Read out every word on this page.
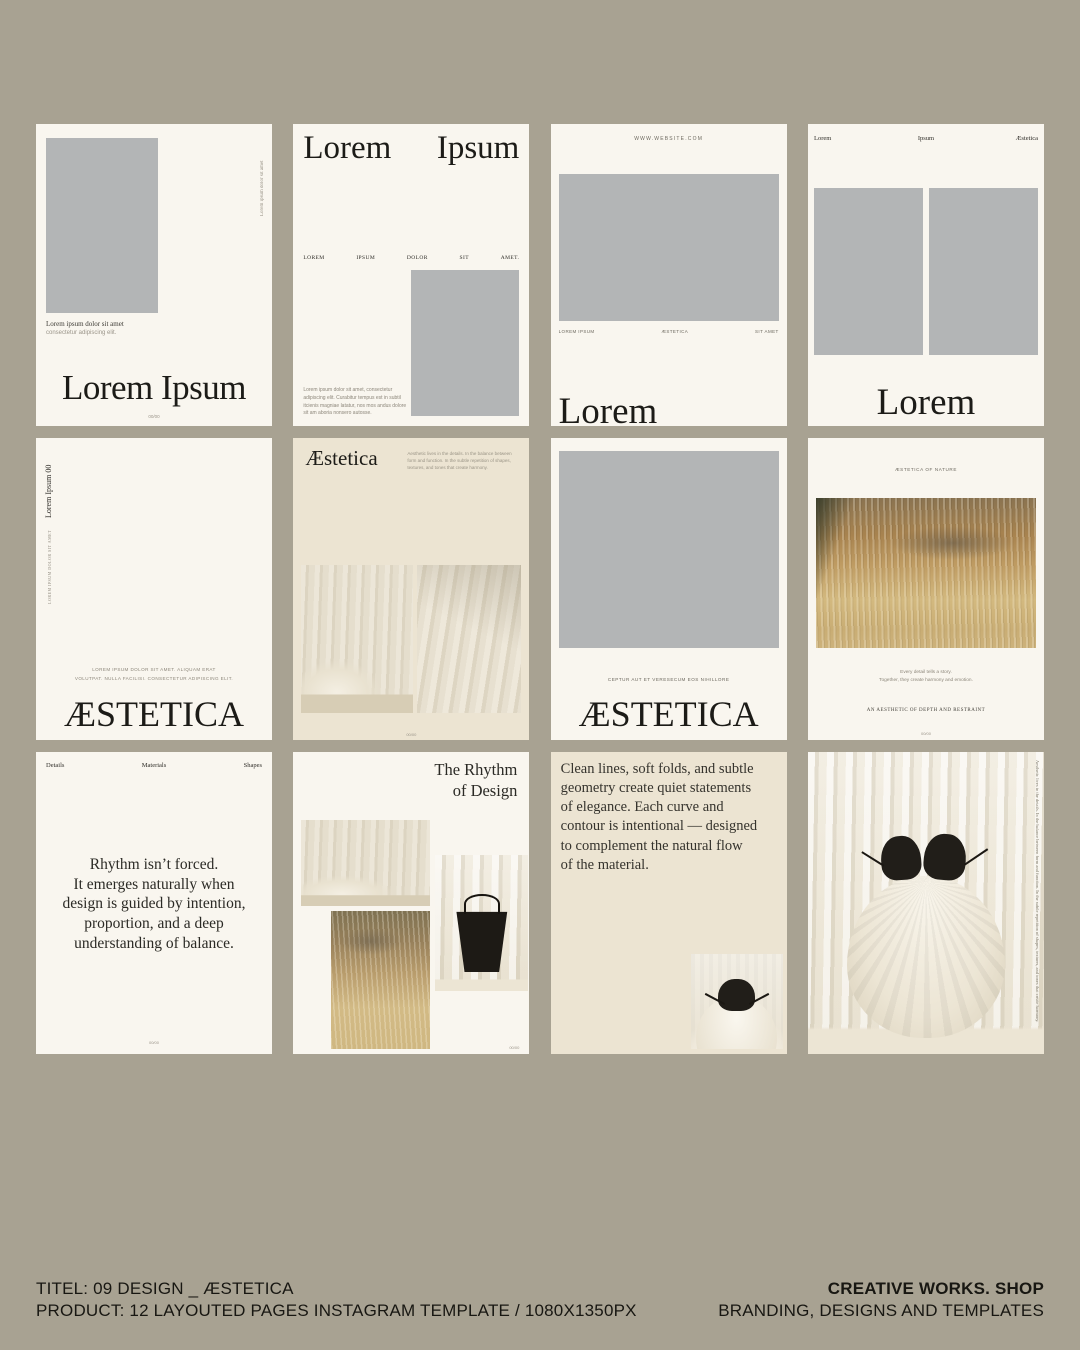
Lorem ipsum dolor sit amet
Lorem ipsum dolor sit amet
consectetur adipiscing elit.
Lorem Ipsum
00/00
Lorem Ipsum
LOREM	IPSUM	DOLOR	SIT	AMET.
Lorem ipsum dolor sit amet, consectetur adipiscing elit. Curabitur tempus est in subtil itcienis magniae latatur, nos mos andus dolore sit am aboria nonsero autosse.
WWW.WEBSITE.COM
LOREM IPSUM	ÆSTETICA	SIT AMET
Lorem
Lorem	Ipsum	Æstetica
Lorem
Lorem Ipsum 00
LOREM IPSUM DOLOR SIT AMET
LOREM IPSUM DOLOR SIT AMET. ALIQUAM ERAT
VOLUTPAT. NULLA FACILISI. CONSECTETUR ADIPISCING ELIT.
ÆSTETICA
Æstetica	Aesthetic lives in the details. In the balance between form and function. In the subtle repetition of shapes, textures, and tones that create harmony.
00/00
CEPTUR AUT ET VERESECUM EOS NIHILLORE
ÆSTETICA
ÆSTETICA OF NATURE
Every detail tells a story.
Together, they create harmony and emotion.
AN AESTHETIC OF DEPTH AND RESTRAINT
00/00
Details	Materials	Shapes
Rhythm isn’t forced.
It emerges naturally when
design is guided by intention,
proportion, and a deep
understanding of balance.
00/00
The Rhythm
of Design
00/00
Clean lines, soft folds, and subtle
geometry create quiet statements
of elegance. Each curve and
contour is intentional — designed
to complement the natural flow
of the material.	Aesthetic lives in the details. In the balance between form and function. In the subtle repetition of shapes, textures, and tones that create harmony.
TITEL: 09 DESIGN _ ÆSTETICA
PRODUCT: 12 LAYOUTED PAGES INSTAGRAM TEMPLATE / 1080X1350PX
CREATIVE WORKS. SHOP
BRANDING, DESIGNS AND TEMPLATES
